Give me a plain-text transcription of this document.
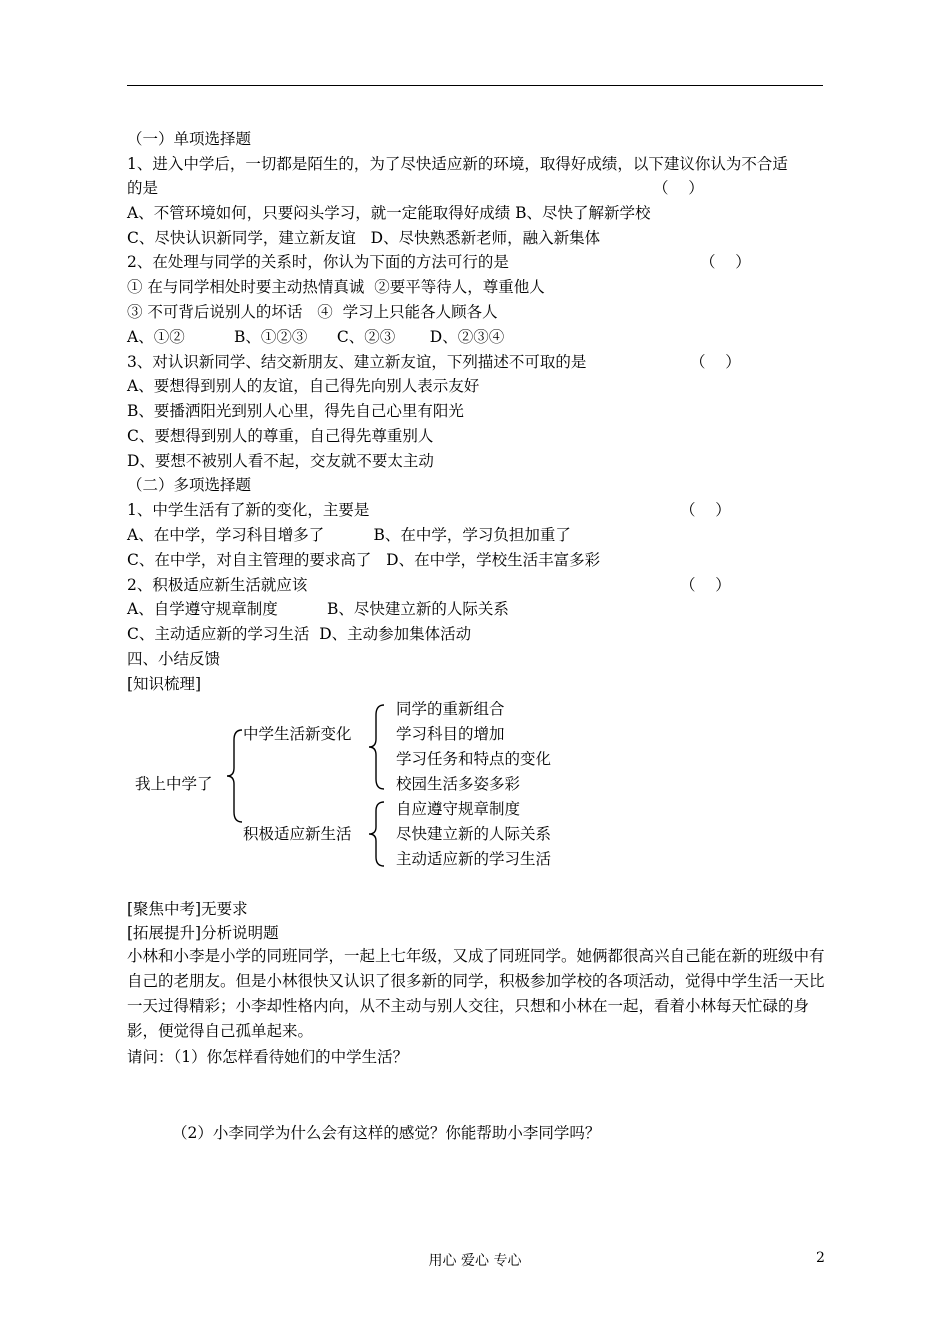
（一）单项选择题
1、进入中学后，一切都是陌生的，为了尽快适应新的环境，取得好成绩，以下建议你认为不合适
的是	（    ）
A、不管环境如何，只要闷头学习，就一定能取得好成绩 B、尽快了解新学校
C、尽快认识新同学，建立新友谊   D、尽快熟悉新老师，融入新集体
2、在处理与同学的关系时，你认为下面的方法可行的是	（    ）
① 在与同学相处时要主动热情真诚  ②要平等待人，尊重他人
③ 不可背后说别人的坏话   ④  学习上只能各人顾各人
A、①②          B、①②③      C、②③       D、②③④
3、对认识新同学、结交新朋友、建立新友谊，下列描述不可取的是	（    ）
A、要想得到别人的友谊，自己得先向别人表示友好
B、要播洒阳光到别人心里，得先自己心里有阳光
C、要想得到别人的尊重，自己得先尊重别人
D、要想不被别人看不起，交友就不要太主动
（二）多项选择题
1、中学生活有了新的变化，主要是	（    ）
A、在中学，学习科目增多了          B、在中学，学习负担加重了
C、在中学，对自主管理的要求高了   D、在中学，学校生活丰富多彩
2、积极适应新生活就应该	（    ）
A、自学遵守规章制度          B、尽快建立新的人际关系
C、主动适应新的学习生活  D、主动参加集体活动
四、小结反馈
[知识梳理]
我上中学了
中学生活新变化
同学的重新组合
学习科目的增加
学习任务和特点的变化
校园生活多姿多彩
积极适应新生活
自应遵守规章制度
尽快建立新的人际关系
主动适应新的学习生活
[聚焦中考]无要求
[拓展提升]分析说明题
小林和小李是小学的同班同学，一起上七年级，又成了同班同学。她俩都很高兴自己能在新的班级中有自己的老朋友。但是小林很快又认识了很多新的同学，积极参加学校的各项活动，觉得中学生活一天比一天过得精彩；小李却性格内向，从不主动与别人交往，只想和小林在一起，看着小林每天忙碌的身影，便觉得自己孤单起来。
请问：（1）你怎样看待她们的中学生活？
（2）小李同学为什么会有这样的感觉？你能帮助小李同学吗？
用心 爱心 专心	2
